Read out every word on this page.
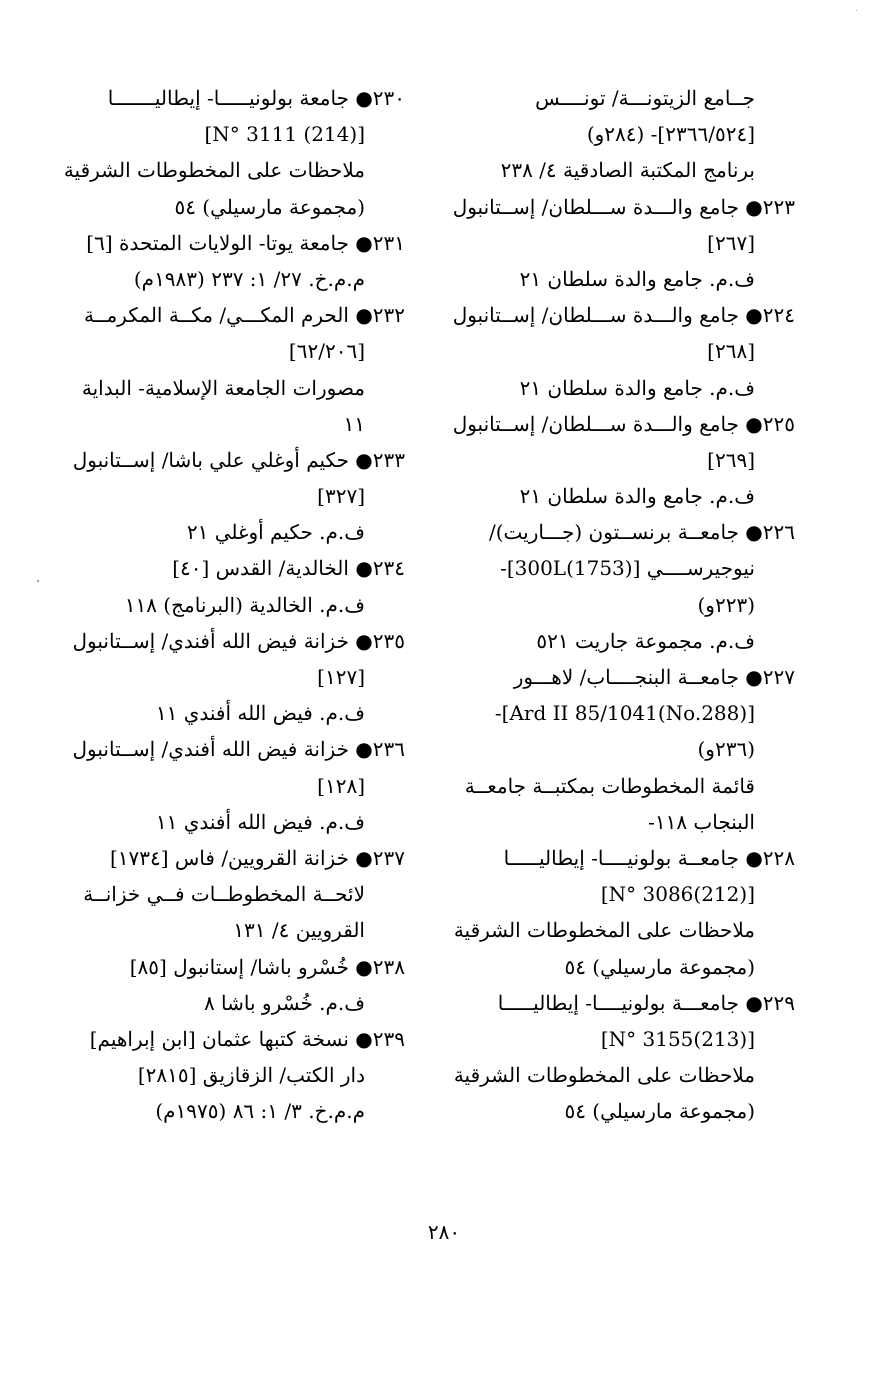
جــامع الزيتونـــة/ تونــــس
[٢٣٦٦/٥٢٤]- (٢٨٤و)
برنامج المكتبة الصادقية ٤/ ٢٣٨
٢٢٣● جامع والـــدة ســـلطان/ إســتانبول
[٢٦٧]
ف.م. جامع والدة سلطان ٢١
٢٢٤● جامع والـــدة ســـلطان/ إســتانبول
[٢٦٨]
ف.م. جامع والدة سلطان ٢١
٢٢٥● جامع والـــدة ســـلطان/ إســتانبول
[٢٦٩]
ف.م. جامع والدة سلطان ٢١
٢٢٦● جامعــة برنســتون (جـــاريت)/
نيوجيرســــي [300L(1753)]-
(٢٢٣و)
ف.م. مجموعة جاريت ٥٢١
٢٢٧● جامعــة البنجــــاب/ لاهـــور
[Ard II 85/1041(No.288)]-
(٢٣٦و)
قائمة المخطوطات بمكتبــة جامعــة
البنجاب ١١٨-
٢٢٨● جامعــة بولونيــــا- إيطاليـــــا
[N° 3086(212)]
ملاحظات على المخطوطات الشرقية
(مجموعة مارسيلي) ٥٤
٢٢٩● جامعـــة بولونيــــا- إيطاليـــــا
[N° 3155(213)]
ملاحظات على المخطوطات الشرقية
(مجموعة مارسيلي) ٥٤
٢٣٠● جامعة بولونيـــــا- إيطاليـــــــا
[N° 3111 (214)]
ملاحظات على المخطوطات الشرقية
(مجموعة مارسيلي) ٥٤
٢٣١● جامعة يوتا- الولايات المتحدة [٦]
م.م.خ. ٢٧/ ١: ٢٣٧ (١٩٨٣م)
٢٣٢● الحرم المكـــي/ مكــة المكرمــة
[٦٢/٢٠٦]
مصورات الجامعة الإسلامية- البداية
١١
٢٣٣● حكيم أوغلي علي باشا/ إســتانبول
[٣٢٧]
ف.م. حكيم أوغلي ٢١
٢٣٤● الخالدية/ القدس [٤٠]
ف.م. الخالدية (البرنامج) ١١٨
٢٣٥● خزانة فيض الله أفندي/ إســتانبول
[١٢٧]
ف.م. فيض الله أفندي ١١
٢٣٦● خزانة فيض الله أفندي/ إســتانبول
[١٢٨]
ف.م. فيض الله أفندي ١١
٢٣٧● خزانة القرويين/ فاس [١٧٣٤]
لائحــة المخطوطــات فــي خزانــة
القرويين ٤/ ١٣١
٢٣٨● خُسْرو باشا/ إستانبول [٨٥]
ف.م. خُسْرو باشا ٨
٢٣٩● نسخة كتبها عثمان [ابن إبراهيم]
دار الكتب/ الزقازيق [٢٨١٥]
م.م.خ. ٣/ ١: ٨٦ (١٩٧٥م)
٢٨٠
